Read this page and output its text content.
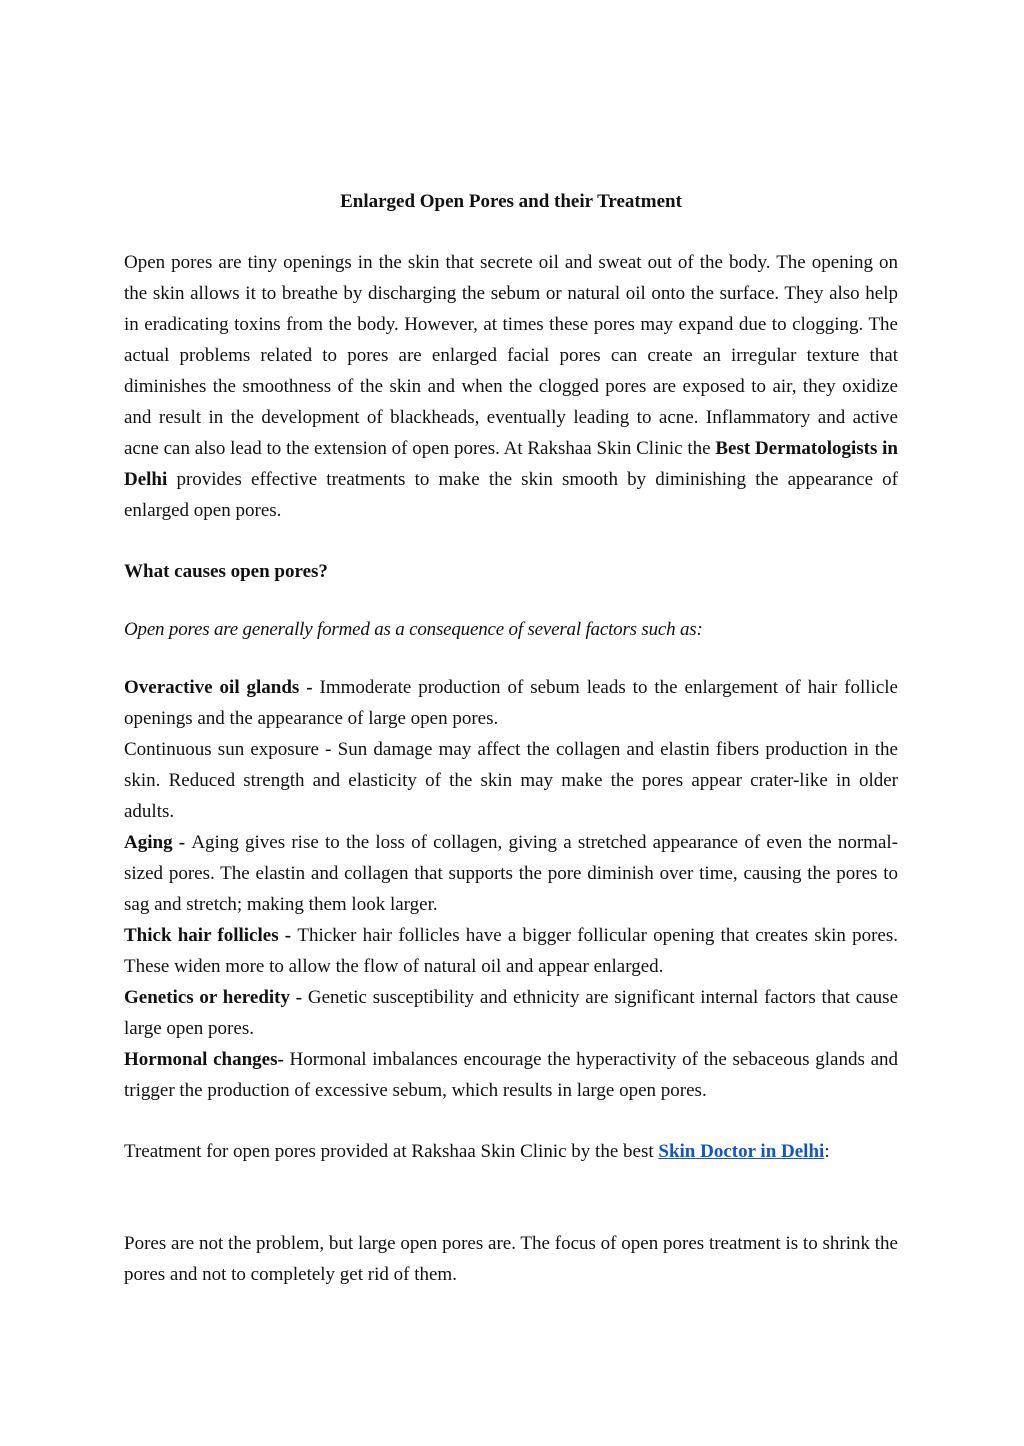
Enlarged Open Pores and their Treatment

Open pores are tiny openings in the skin that secrete oil and sweat out of the body. The opening on the skin allows it to breathe by discharging the sebum or natural oil onto the surface. They also help in eradicating toxins from the body. However, at times these pores may expand due to clogging. The actual problems related to pores are enlarged facial pores can create an irregular texture that diminishes the smoothness of the skin and when the clogged pores are exposed to air, they oxidize and result in the development of blackheads, eventually leading to acne. Inflammatory and active acne can also lead to the extension of open pores. At Rakshaa Skin Clinic the Best Dermatologists in Delhi provides effective treatments to make the skin smooth by diminishing the appearance of enlarged open pores.

What causes open pores?

Open pores are generally formed as a consequence of several factors such as:

Overactive oil glands - Immoderate production of sebum leads to the enlargement of hair follicle openings and the appearance of large open pores.
Continuous sun exposure - Sun damage may affect the collagen and elastin fibers production in the skin. Reduced strength and elasticity of the skin may make the pores appear crater-like in older adults.
Aging - Aging gives rise to the loss of collagen, giving a stretched appearance of even the normal-sized pores. The elastin and collagen that supports the pore diminish over time, causing the pores to sag and stretch; making them look larger.
Thick hair follicles - Thicker hair follicles have a bigger follicular opening that creates skin pores. These widen more to allow the flow of natural oil and appear enlarged.
Genetics or heredity - Genetic susceptibility and ethnicity are significant internal factors that cause large open pores.
Hormonal changes- Hormonal imbalances encourage the hyperactivity of the sebaceous glands and trigger the production of excessive sebum, which results in large open pores.

Treatment for open pores provided at Rakshaa Skin Clinic by the best Skin Doctor in Delhi:

Pores are not the problem, but large open pores are. The focus of open pores treatment is to shrink the pores and not to completely get rid of them.
